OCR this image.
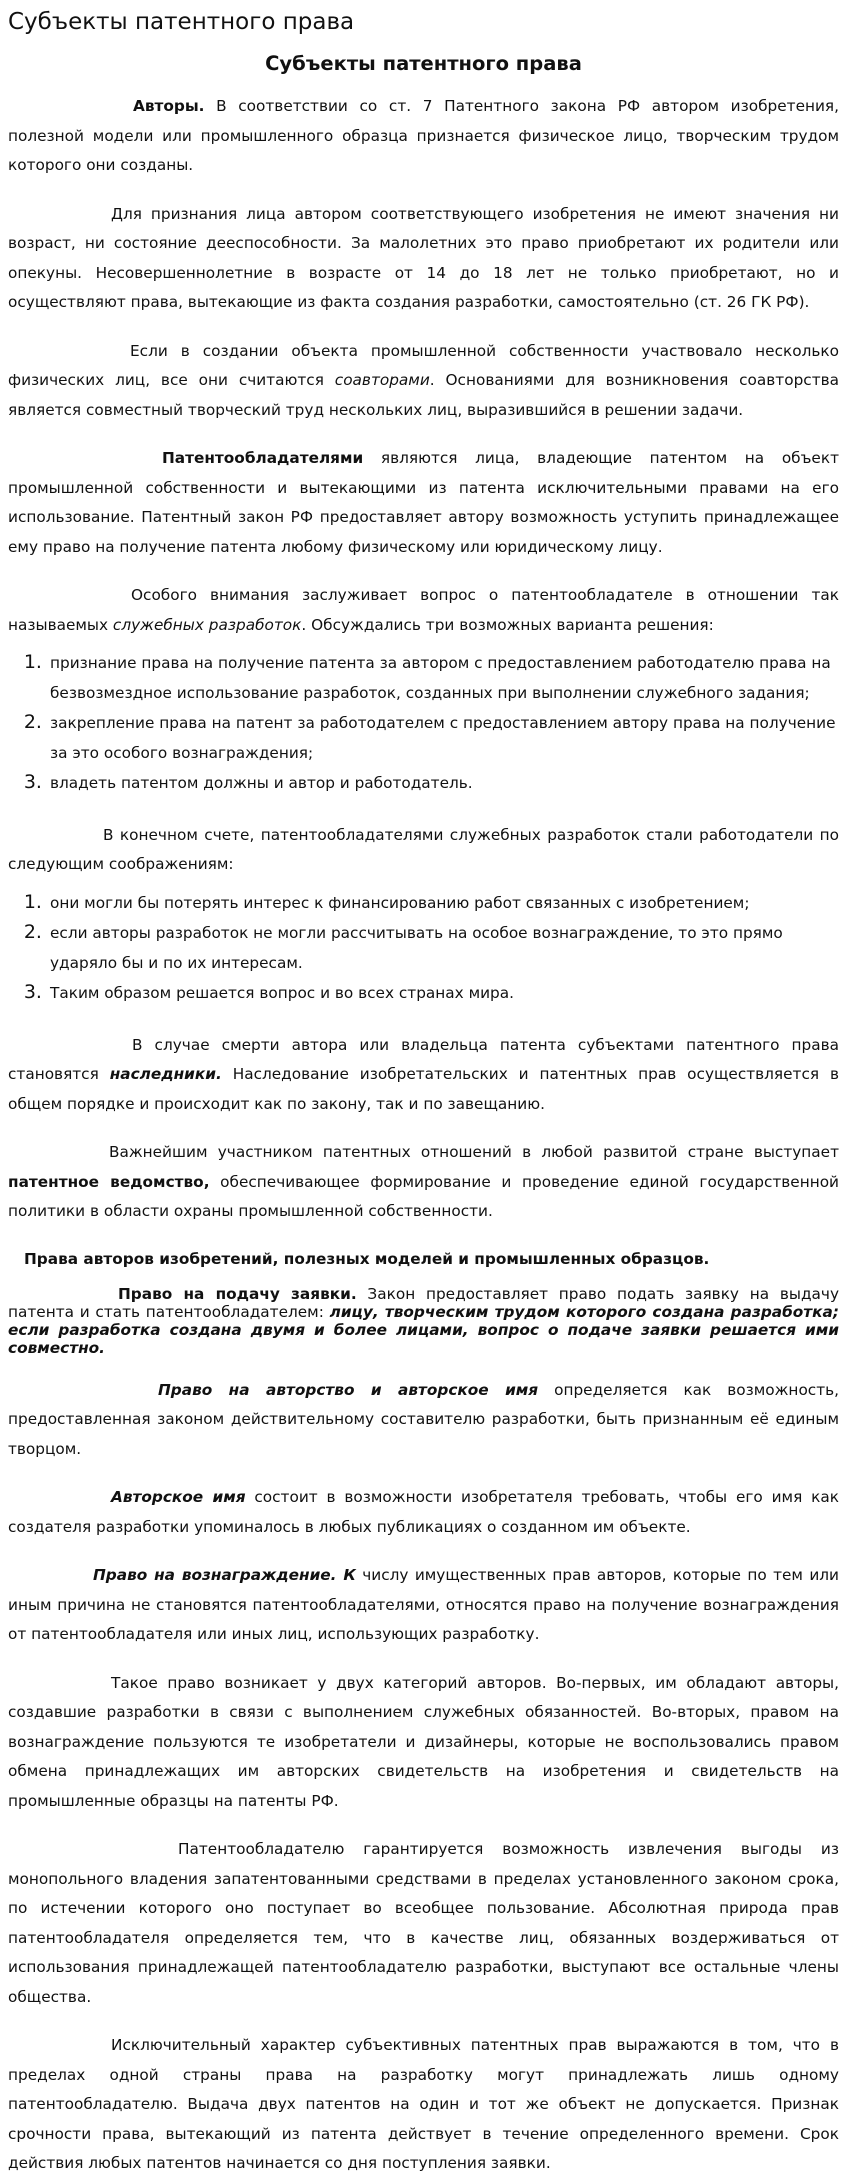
Субъекты патентного права
Субъекты патентного права

Авторы. В соответствии со ст. 7 Патентного закона РФ автором изобретения, полезной модели или промышленного образца признается физическое лицо, творческим трудом которого они созданы.

Для признания лица автором соответствующего изобретения не имеют значения ни возраст, ни состояние дееспособности. За малолетних это право приобретают их родители или опекуны. Несовершеннолетние в возрасте от 14 до 18 лет не только приобретают, но и осуществляют права, вытекающие из факта создания разработки, самостоятельно (ст. 26 ГК РФ).

Если в создании объекта промышленной собственности участвовало несколько физических лиц, все они считаются соавторами. Основаниями для возникновения соавторства является совместный творческий труд нескольких лиц, выразившийся в решении задачи.

Патентообладателями являются лица, владеющие патентом на объект промышленной собственности и вытекающими из патента исключительными правами на его использование. Патентный закон РФ предоставляет автору возможность уступить принадлежащее ему право на получение патента любому физическому или юридическому лицу.

Особого внимания заслуживает вопрос о патентообладателе в отношении так называемых служебных разработок. Обсуждались три возможных варианта решения:

1. признание права на получение патента за автором с предоставлением работодателю права на безвозмездное использование разработок, созданных при выполнении служебного задания;
2. закрепление права на патент за работодателем с предоставлением автору права на получение за это особого вознаграждения;
3. владеть патентом должны и автор и работодатель.

В конечном счете, патентообладателями служебных разработок стали работодатели по следующим соображениям:

1. они могли бы потерять интерес к финансированию работ связанных с изобретением;
2. если авторы разработок не могли рассчитывать на особое вознаграждение, то это прямо ударяло бы и по их интересам.
3. Таким образом решается вопрос и во всех странах мира.

В случае смерти автора или владельца патента субъектами патентного права становятся наследники. Наследование изобретательских и патентных прав осуществляется в общем порядке и происходит как по закону, так и по завещанию.

Важнейшим участником патентных отношений в любой развитой стране выступает патентное ведомство, обеспечивающее формирование и проведение единой государственной политики в области охраны промышленной собственности.

Права авторов изобретений, полезных моделей и промышленных образцов.

Право на подачу заявки. Закон предоставляет право подать заявку на выдачу патента и стать патентообладателем: лицу, творческим трудом которого создана разработка; если разработка создана двумя и более лицами, вопрос о подаче заявки решается ими совместно.

Право на авторство и авторское имя определяется как возможность, предоставленная законом действительному составителю разработки, быть признанным её единым творцом.

Авторское имя состоит в возможности изобретателя требовать, чтобы его имя как создателя разработки упоминалось в любых публикациях о созданном им объекте.

Право на вознаграждение. К числу имущественных прав авторов, которые по тем или иным причина не становятся патентообладателями, относятся право на получение вознаграждения от патентообладателя или иных лиц, использующих разработку.

Такое право возникает у двух категорий авторов. Во-первых, им обладают авторы, создавшие разработки в связи с выполнением служебных обязанностей. Во-вторых, правом на вознаграждение пользуются те изобретатели и дизайнеры, которые не воспользовались правом обмена принадлежащих им авторских свидетельств на изобретения и свидетельств на промышленные образцы на патенты РФ.

Патентообладателю гарантируется возможность извлечения выгоды из монопольного владения запатентованными средствами в пределах установленного законом срока, по истечении которого оно поступает во всеобщее пользование. Абсолютная природа прав патентообладателя определяется тем, что в качестве лиц, обязанных воздерживаться от использования принадлежащей патентообладателю разработки, выступают все остальные члены общества.

Исключительный характер субъективных патентных прав выражаются в том, что в пределах одной страны права на разработку могут принадлежать лишь одному патентообладателю. Выдача двух патентов на один и тот же объект не допускается. Признак срочности права, вытекающий из патента действует в течение определенного времени. Срок действия любых патентов начинается со дня поступления заявки.
